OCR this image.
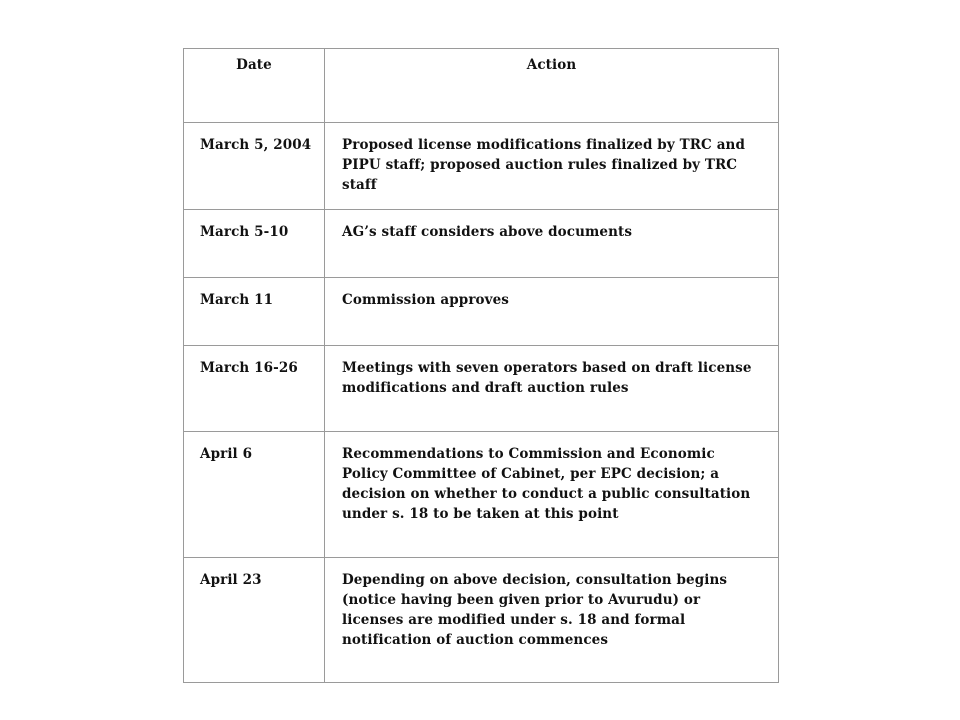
Date	Action
March 5, 2004	Proposed license modifications finalized by TRC and PIPU staff; proposed auction rules finalized by TRC staff
March 5-10	AG’s staff considers above documents
March 11	Commission approves
March 16-26	Meetings with seven operators based on draft license modifications and draft auction rules
April 6	Recommendations to Commission and Economic Policy Committee of Cabinet, per EPC decision; a decision on whether to conduct a public consultation under s. 18 to be taken at this point
April 23	Depending on above decision, consultation begins (notice having been given prior to Avurudu) or licenses are modified under s. 18 and formal notification of auction commences
